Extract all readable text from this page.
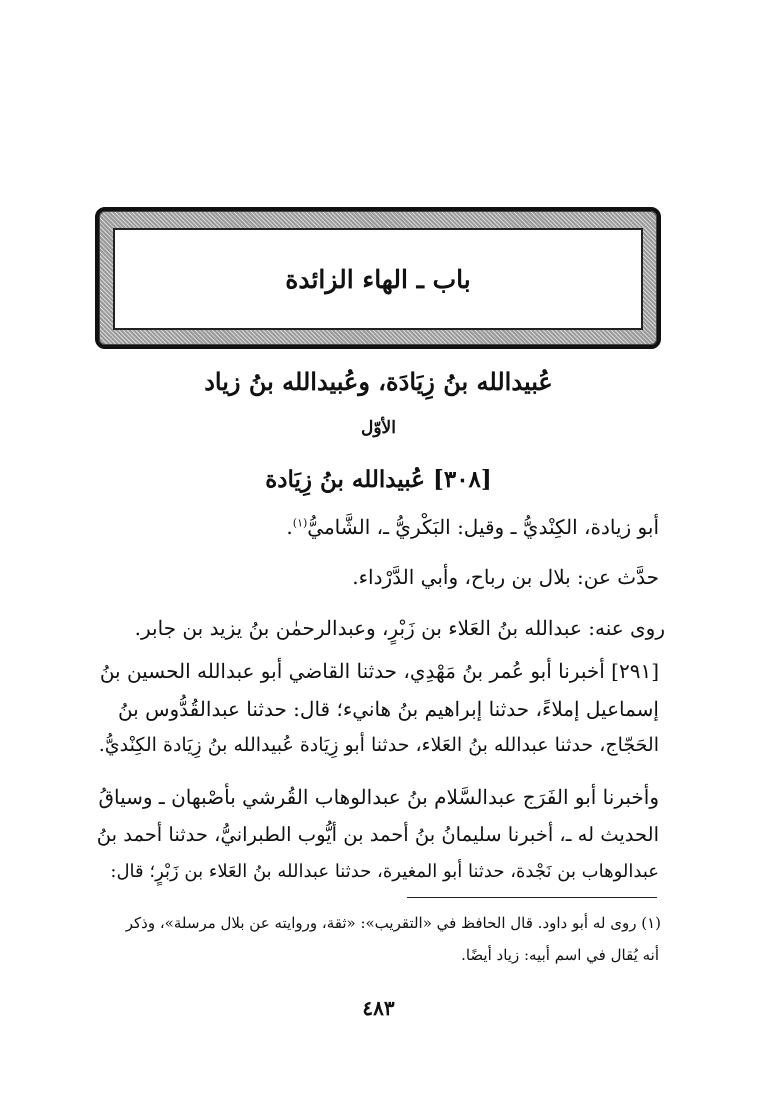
باب ـ الهاء الزائدة
عُبيدالله بنُ زِيَادَة، وعُبيدالله بنُ زياد
الأوّل
[٣٠٨] عُبيدالله بنُ زِيَادة
أبو زيادة، الكِنْديُّ ـ وقيل: البَكْريُّ ـ، الشَّاميُّ$^{(١)}$.
حدَّث عن: بلال بن رباح، وأبي الدَّرْداء.
روى عنه: عبدالله بنُ العَلاء بن زَبْرٍ، وعبدالرحمٰن بنُ يزيد بن جابر.
[٢٩١] أخبرنا أبو عُمر بنُ مَهْدِي، حدثنا القاضي أبو عبدالله الحسين بنُ
إسماعيل إملاءً، حدثنا إبراهيم بنُ هانيء؛ قال: حدثنا عبدالقُدُّوس بنُ
الحَجّاج، حدثنا عبدالله بنُ العَلاء، حدثنا أبو زِيَادة عُبيدالله بنُ زِيَادة الكِنْديُّ.
وأخبرنا أبو الفَرَج عبدالسَّلام بنُ عبدالوهاب القُرشي بأصْبهان ـ وسياقُ
الحديث له ـ، أخبرنا سليمانُ بنُ أحمد بن أيُّوب الطبرانيُّ، حدثنا أحمد بنُ
عبدالوهاب بن نَجْدة، حدثنا أبو المغيرة، حدثنا عبدالله بنُ العَلاء بن زَبْرٍ؛ قال:
(١) روى له أبو داود. قال الحافظ في «التقريب»: «ثقة، وروايته عن بلال مرسلة»، وذكر
أنه يُقال في اسم أبيه: زياد أيضًا.
٤٨٣
